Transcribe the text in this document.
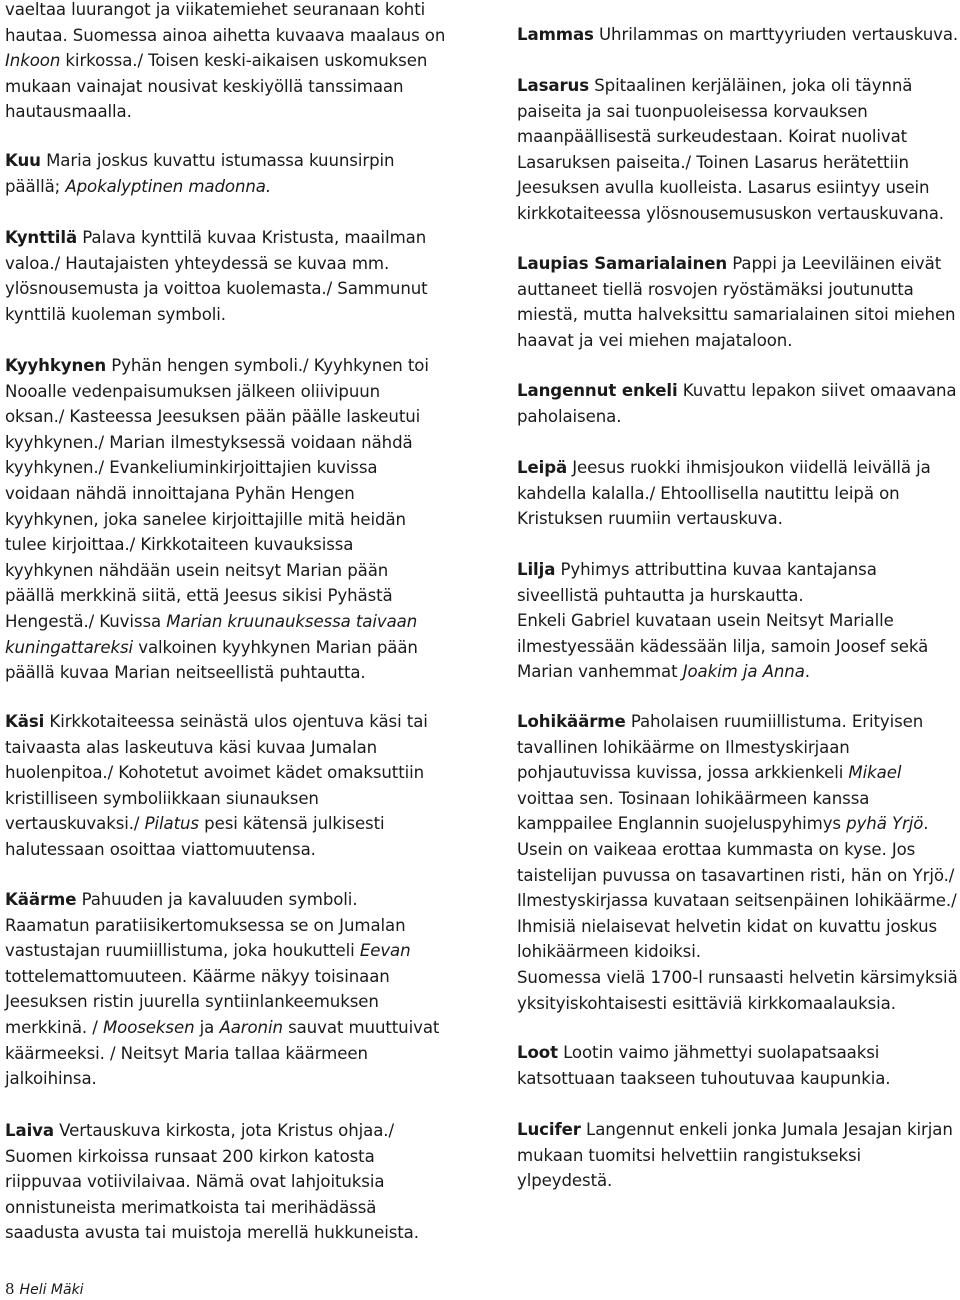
vaeltaa luurangot ja viikatemiehet seuranaan kohti
hautaa. Suomessa ainoa aihetta kuvaava maalaus on
Inkoon kirkossa./ Toisen keski-aikaisen uskomuksen
mukaan vainajat nousivat keskiyöllä tanssimaan
hautausmaalla.

Kuu Maria joskus kuvattu istumassa kuunsirpin
päällä; Apokalyptinen madonna.

Kynttilä Palava kynttilä kuvaa Kristusta, maailman
valoa./ Hautajaisten yhteydessä se kuvaa mm.
ylösnousemusta ja voittoa kuolemasta./ Sammunut
kynttilä kuoleman symboli.

Kyyhkynen Pyhän hengen symboli./ Kyyhkynen toi
Nooalle vedenpaisumuksen jälkeen oliivipuun
oksan./ Kasteessa Jeesuksen pään päälle laskeutui
kyyhkynen./ Marian ilmestyksessä voidaan nähdä
kyyhkynen./ Evankeliuminkirjoittajien kuvissa
voidaan nähdä innoittajana Pyhän Hengen
kyyhkynen, joka sanelee kirjoittajille mitä heidän
tulee kirjoittaa./ Kirkkotaiteen kuvauksissa
kyyhkynen nähdään usein neitsyt Marian pään
päällä merkkinä siitä, että Jeesus sikisi Pyhästä
Hengestä./ Kuvissa Marian kruunauksessa taivaan
kuningattareksi valkoinen kyyhkynen Marian pään
päällä kuvaa Marian neitseellistä puhtautta.

Käsi Kirkkotaiteessa seinästä ulos ojentuva käsi tai
taivaasta alas laskeutuva käsi kuvaa Jumalan
huolenpitoa./ Kohotetut avoimet kädet omaksuttiin
kristilliseen symboliikkaan siunauksen
vertauskuvaksi./ Pilatus pesi kätensä julkisesti
halutessaan osoittaa viattomuutensa.

Käärme Pahuuden ja kavaluuden symboli.
Raamatun paratiisikertomuksessa se on Jumalan
vastustajan ruumiillistuma, joka houkutteli Eevan
tottelemattomuuteen. Käärme näkyy toisinaan
Jeesuksen ristin juurella syntiinlankeemuksen
merkkinä. / Mooseksen ja Aaronin sauvat muuttuivat
käärmeeksi. / Neitsyt Maria tallaa käärmeen
jalkoihinsa.

Laiva Vertauskuva kirkosta, jota Kristus ohjaa./
Suomen kirkoissa runsaat 200 kirkon katosta
riippuvaa votiivilaivaa. Nämä ovat lahjoituksia
onnistuneista merimatkoista tai merihädässä
saadusta avusta tai muistoja merellä hukkuneista.

Lammas Uhrilammas on marttyyriuden vertauskuva.

Lasarus Spitaalinen kerjäläinen, joka oli täynnä
paiseita ja sai tuonpuoleisessa korvauksen
maanpäällisestä surkeudestaan. Koirat nuolivat
Lasaruksen paiseita./ Toinen Lasarus herätettiin
Jeesuksen avulla kuolleista. Lasarus esiintyy usein
kirkkotaiteessa ylösnousemususkon vertauskuvana.

Laupias Samarialainen Pappi ja Leeviläinen eivät
auttaneet tiellä rosvojen ryöstämäksi joutunutta
miestä, mutta halveksittu samarialainen sitoi miehen
haavat ja vei miehen majataloon.

Langennut enkeli Kuvattu lepakon siivet omaavana
paholaisena.

Leipä Jeesus ruokki ihmisjoukon viidellä leivällä ja
kahdella kalalla./ Ehtoollisella nautittu leipä on
Kristuksen ruumiin vertauskuva.

Lilja Pyhimys attributtina kuvaa kantajansa
siveellistä puhtautta ja hurskautta.
Enkeli Gabriel kuvataan usein Neitsyt Marialle
ilmestyessään kädessään lilja, samoin Joosef sekä
Marian vanhemmat Joakim ja Anna.

Lohikäärme Paholaisen ruumiillistuma. Erityisen
tavallinen lohikäärme on Ilmestyskirjaan
pohjautuvissa kuvissa, jossa arkkienkeli Mikael
voittaa sen. Tosinaan lohikäärmeen kanssa
kamppailee Englannin suojeluspyhimys pyhä Yrjö.
Usein on vaikeaa erottaa kummasta on kyse. Jos
taistelijan puvussa on tasavartinen risti, hän on Yrjö./
Ilmestyskirjassa kuvataan seitsenpäinen lohikäärme./
Ihmisiä nielaisevat helvetin kidat on kuvattu joskus
lohikäärmeen kidoiksi.
Suomessa vielä 1700-l runsaasti helvetin kärsimyksiä
yksityiskohtaisesti esittäviä kirkkomaalauksia.

Loot Lootin vaimo jähmettyi suolapatsaaksi
katsottuaan taakseen tuhoutuvaa kaupunkia.

Lucifer Langennut enkeli jonka Jumala Jesajan kirjan
mukaan tuomitsi helvettiin rangistukseksi
ylpeydestä.

8 Heli Mäki
